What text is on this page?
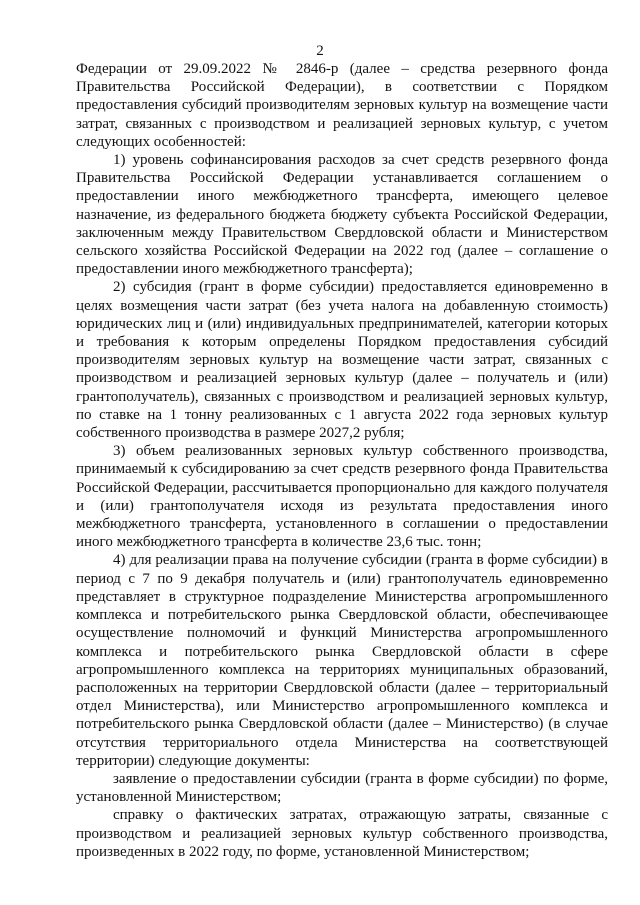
2

Федерации от 29.09.2022 № 2846-р (далее – средства резервного фонда Правительства Российской Федерации), в соответствии с Порядком предоставления субсидий производителям зерновых культур на возмещение части затрат, связанных с производством и реализацией зерновых культур, с учетом следующих особенностей:

1) уровень софинансирования расходов за счет средств резервного фонда Правительства Российской Федерации устанавливается соглашением о предоставлении иного межбюджетного трансферта, имеющего целевое назначение, из федерального бюджета бюджету субъекта Российской Федерации, заключенным между Правительством Свердловской области и Министерством сельского хозяйства Российской Федерации на 2022 год (далее – соглашение о предоставлении иного межбюджетного трансферта);

2) субсидия (грант в форме субсидии) предоставляется единовременно в целях возмещения части затрат (без учета налога на добавленную стоимость) юридических лиц и (или) индивидуальных предпринимателей, категории которых и требования к которым определены Порядком предоставления субсидий производителям зерновых культур на возмещение части затрат, связанных с производством и реализацией зерновых культур (далее – получатель и (или) грантополучатель), связанных с производством и реализацией зерновых культур, по ставке на 1 тонну реализованных с 1 августа 2022 года зерновых культур собственного производства в размере 2027,2 рубля;

3) объем реализованных зерновых культур собственного производства, принимаемый к субсидированию за счет средств резервного фонда Правительства Российской Федерации, рассчитывается пропорционально для каждого получателя и (или) грантополучателя исходя из результата предоставления иного межбюджетного трансферта, установленного в соглашении о предоставлении иного межбюджетного трансферта в количестве 23,6 тыс. тонн;

4) для реализации права на получение субсидии (гранта в форме субсидии) в период с 7 по 9 декабря получатель и (или) грантополучатель единовременно представляет в структурное подразделение Министерства агропромышленного комплекса и потребительского рынка Свердловской области, обеспечивающее осуществление полномочий и функций Министерства агропромышленного комплекса и потребительского рынка Свердловской области в сфере агропромышленного комплекса на территориях муниципальных образований, расположенных на территории Свердловской области (далее – территориальный отдел Министерства), или Министерство агропромышленного комплекса и потребительского рынка Свердловской области (далее – Министерство) (в случае отсутствия территориального отдела Министерства на соответствующей территории) следующие документы:

заявление о предоставлении субсидии (гранта в форме субсидии) по форме, установленной Министерством;

справку о фактических затратах, отражающую затраты, связанные с производством и реализацией зерновых культур собственного производства, произведенных в 2022 году, по форме, установленной Министерством;
